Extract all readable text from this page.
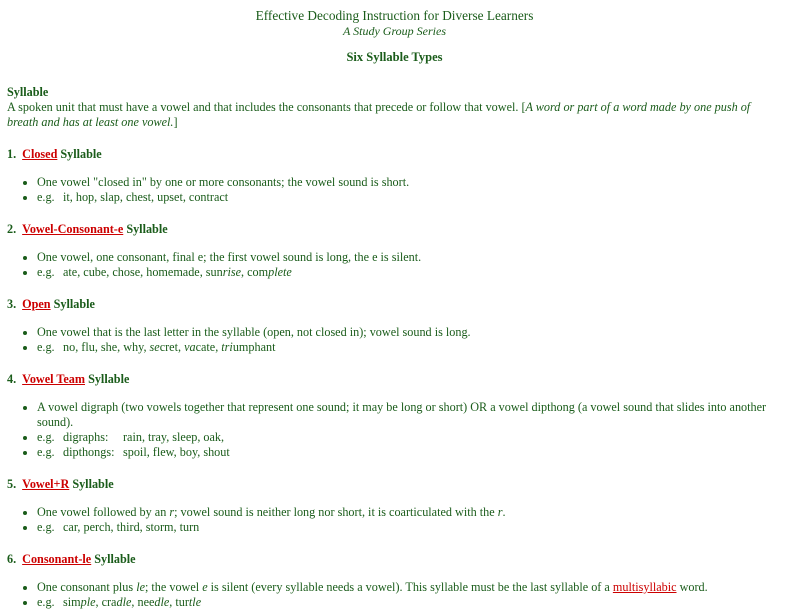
Effective Decoding Instruction for Diverse Learners
A Study Group Series
Six Syllable Types
Syllable

A spoken unit that must have a vowel and that includes the consonants that precede or follow that vowel. [A word or part of a word made by one push of breath and has at least one vowel.]

1. Closed Syllable
• One vowel "closed in" by one or more consonants; the vowel sound is short.
• e.g. it, hop, slap, chest, upset, contract
2. Vowel-Consonant-e Syllable
• One vowel, one consonant, final e; the first vowel sound is long, the e is silent.
• e.g. ate, cube, chose, homemade, sunrise, complete
3. Open Syllable
• One vowel that is the last letter in the syllable (open, not closed in); vowel sound is long.
• e.g. no, flu, she, why, secret, vacate, triumphant
4. Vowel Team Syllable
• A vowel digraph (two vowels together that represent one sound; it may be long or short) OR a vowel dipthong (a vowel sound that slides into another sound).
• e.g. digraphs: rain, tray, sleep, oak,
• e.g. dipthongs: spoil, flew, boy, shout
5. Vowel+R Syllable
• One vowel followed by an r; vowel sound is neither long nor short, it is coarticulated with the r.
• e.g. car, perch, third, storm, turn
6. Consonant-le Syllable
• One consonant plus le; the vowel e is silent (every syllable needs a vowel). This syllable must be the last syllable of a multisyllabic word.
• e.g. simple, cradle, needle, turtle
